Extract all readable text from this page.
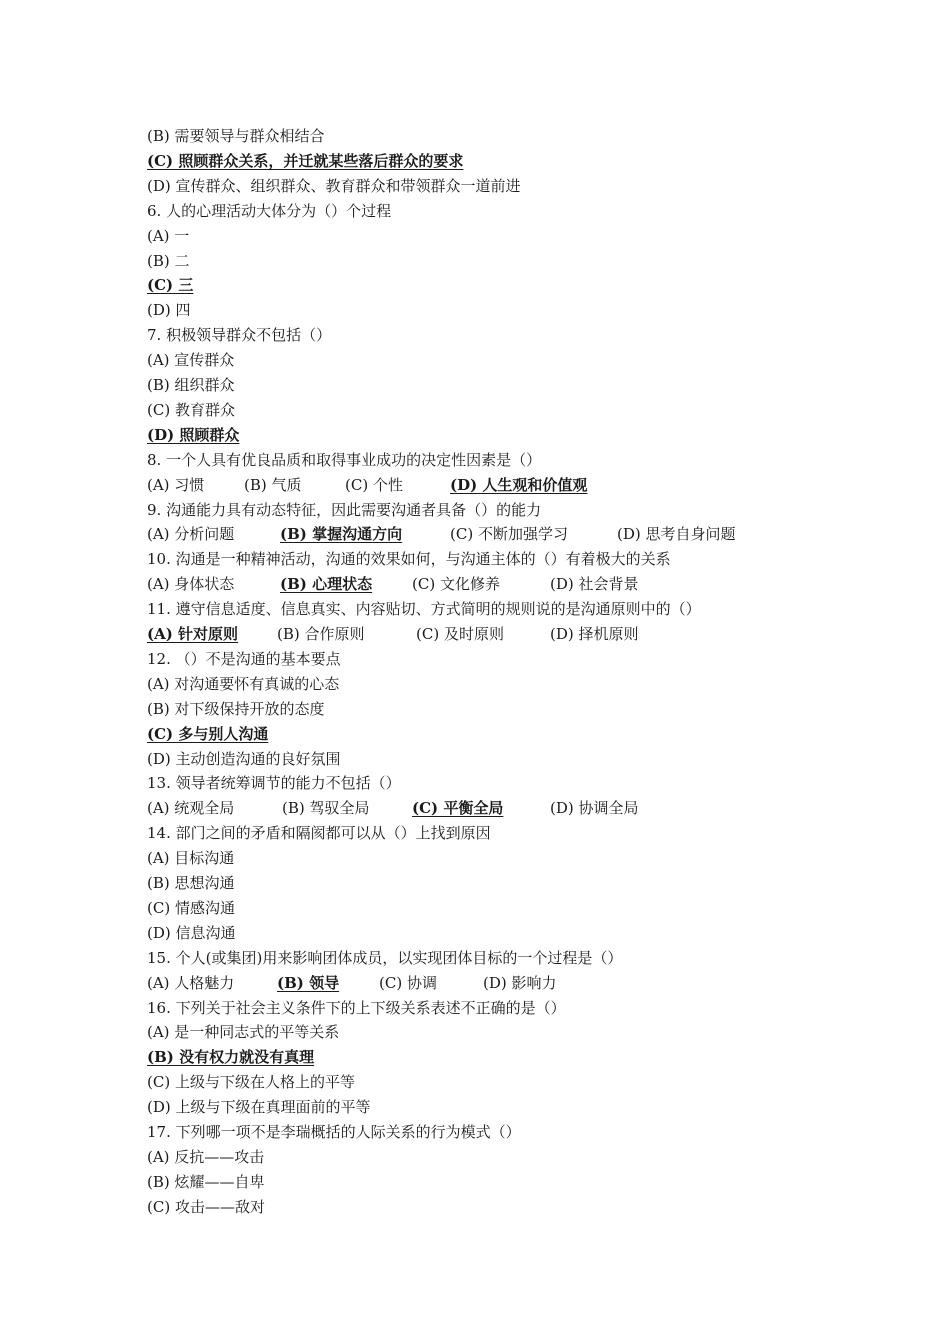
(B) 需要领导与群众相结合
(C) 照顾群众关系，并迁就某些落后群众的要求
(D) 宣传群众、组织群众、教育群众和带领群众一道前进
6. 人的心理活动大体分为（）个过程
(A) 一
(B) 二
(C) 三
(D) 四
7. 积极领导群众不包括（）
(A) 宣传群众
(B) 组织群众
(C) 教育群众
(D) 照顾群众
8. 一个人具有优良品质和取得事业成功的决定性因素是（）
(A) 习惯	(B) 气质	(C) 个性	(D) 人生观和价值观
9. 沟通能力具有动态特征，因此需要沟通者具备（）的能力
(A) 分析问题	(B) 掌握沟通方向	(C) 不断加强学习	(D) 思考自身问题
10. 沟通是一种精神活动，沟通的效果如何，与沟通主体的（）有着极大的关系
(A) 身体状态	(B) 心理状态	(C) 文化修养	(D) 社会背景
11. 遵守信息适度、信息真实、内容贴切、方式简明的规则说的是沟通原则中的（）
(A) 针对原则	(B) 合作原则	(C) 及时原则	(D) 择机原则
12. （）不是沟通的基本要点
(A) 对沟通要怀有真诚的心态
(B) 对下级保持开放的态度
(C) 多与别人沟通
(D) 主动创造沟通的良好氛围
13. 领导者统筹调节的能力不包括（）
(A) 统观全局	(B) 驾驭全局	(C) 平衡全局	(D) 协调全局
14. 部门之间的矛盾和隔阂都可以从（）上找到原因
(A) 目标沟通
(B) 思想沟通
(C) 情感沟通
(D) 信息沟通
15. 个人(或集团)用来影响团体成员，以实现团体目标的一个过程是（）
(A) 人格魅力	(B) 领导	(C) 协调	(D) 影响力
16. 下列关于社会主义条件下的上下级关系表述不正确的是（）
(A) 是一种同志式的平等关系
(B) 没有权力就没有真理
(C) 上级与下级在人格上的平等
(D) 上级与下级在真理面前的平等
17. 下列哪一项不是李瑞概括的人际关系的行为模式（）
(A) 反抗——攻击
(B) 炫耀——自卑
(C) 攻击——敌对
